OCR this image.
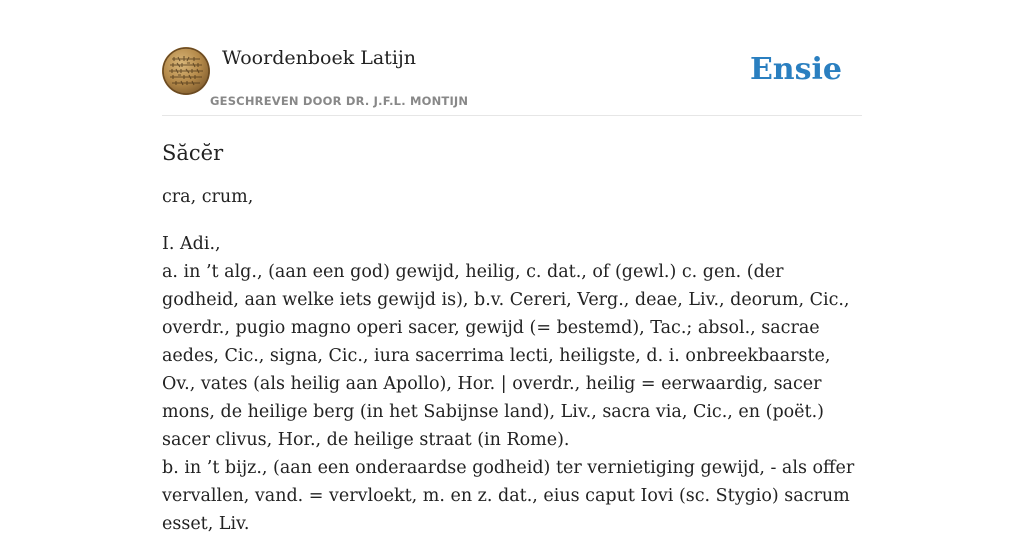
Woordenboek Latijn
GESCHREVEN DOOR DR. J.F.L. MONTIJN
Ensie
Săcĕr

cra, crum,

I. Adi.,

a. in ’t alg., (aan een god) gewijd, heilig, c. dat., of (gewl.) c. gen. (der godheid, aan welke iets gewijd is), b.v. Cereri, Verg., deae, Liv., deorum, Cic., overdr., pugio magno operi sacer, gewijd (= bestemd), Tac.; absol., sacrae aedes, Cic., signa, Cic., iura sacerrima lecti, heiligste, d. i. onbreekbaarste, Ov., vates (als heilig aan Apollo), Hor. | overdr., heilig = eerwaardig, sacer mons, de heilige berg (in het Sabijnse land), Liv., sacra via, Cic., en (poët.) sacer clivus, Hor., de heilige straat (in Rome).

b. in ’t bijz., (aan een onderaardse godheid) ter vernietiging gewijd, - als offer vervallen, vand. = vervloekt, m. en z. dat., eius caput Iovi (sc. Stygio) sacrum esset, Liv.
